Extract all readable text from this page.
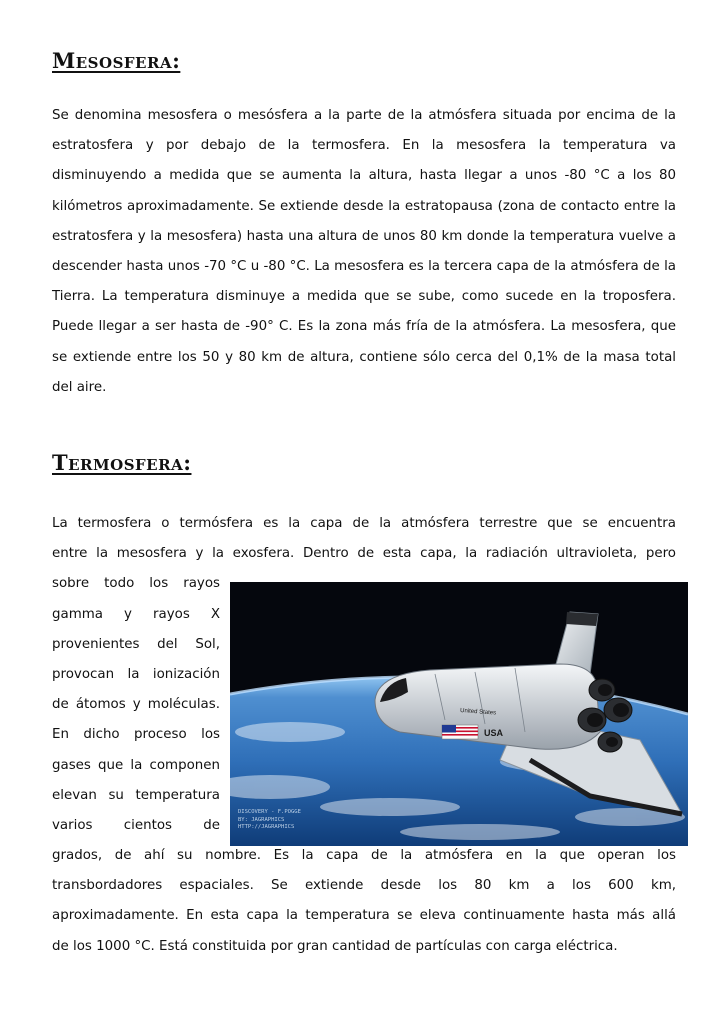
Mesosfera:

Se denomina mesosfera o mesósfera a la parte de la atmósfera situada por encima de la estratosfera y por debajo de la termosfera. En la mesosfera la temperatura va disminuyendo a medida que se aumenta la altura, hasta llegar a unos -80 °C a los 80 kilómetros aproximadamente. Se extiende desde la estratopausa (zona de contacto entre la estratosfera y la mesosfera) hasta una altura de unos 80 km donde la temperatura vuelve a descender hasta unos -70 °C u -80 °C. La mesosfera es la tercera capa de la atmósfera de la Tierra. La temperatura disminuye a medida que se sube, como sucede en la troposfera. Puede llegar a ser hasta de -90° C. Es la zona más fría de la atmósfera. La mesosfera, que se extiende entre los 50 y 80 km de altura, contiene sólo cerca del 0,1% de la masa total del aire.

Termosfera:
La termosfera o termósfera es la capa de la atmósfera terrestre que se encuentra
entre la mesosfera y la exosfera. Dentro de esta capa, la radiación ultravioleta, pero
sobre todo los rayos
gamma y rayos X
provenientes del Sol,
provocan la ionización
de átomos y moléculas.
En dicho proceso los
gases que la componen
elevan su temperatura
varios cientos de
grados, de ahí su nombre. Es la capa de la atmósfera en la que operan los
transbordadores espaciales. Se extiende desde los 80 km a los 600 km,
aproximadamente. En esta capa la temperatura se eleva continuamente hasta más allá
de los 1000 °C. Está constituida por gran cantidad de partículas con carga eléctrica.
USA
United States

DISCOVERY - F.POGGE
BY: JAGRAPHICS
HTTP://JAGRAPHICS
